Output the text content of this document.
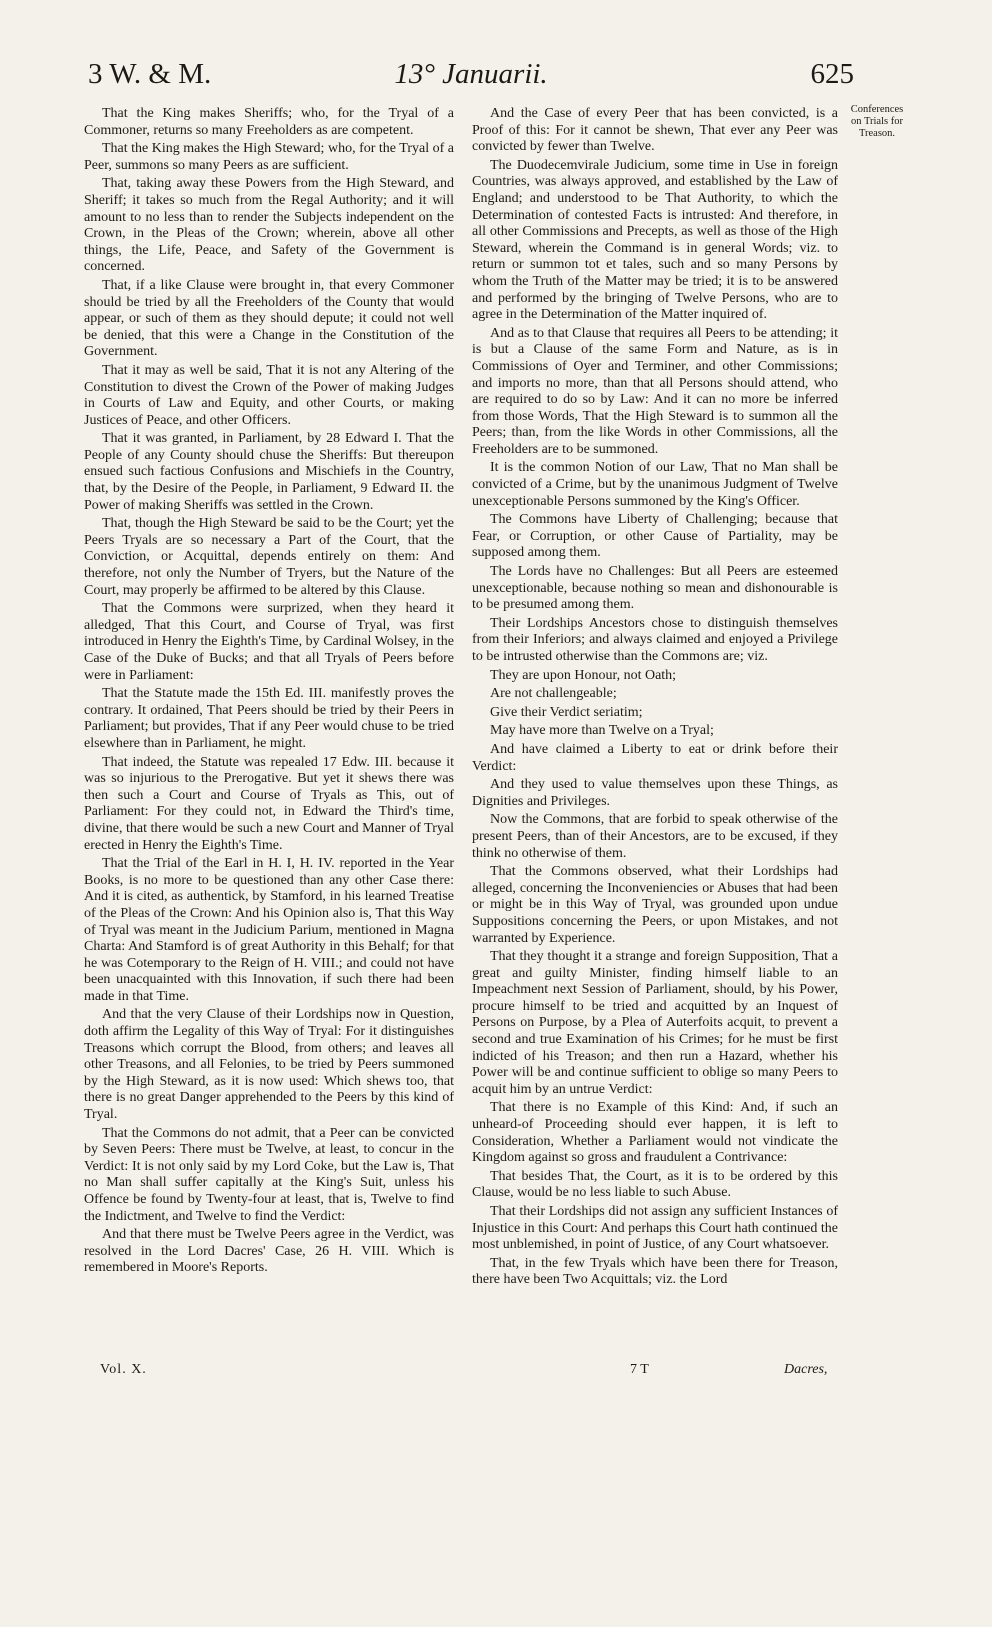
3 W. & M.	13° Januarii.	625

That the King makes Sheriffs; who, for the Tryal of a Commoner, returns so many Freeholders as are competent.

That the King makes the High Steward; who, for the Tryal of a Peer, summons so many Peers as are sufficient.

That, taking away these Powers from the High Steward, and Sheriff; it takes so much from the Regal Authority; and it will amount to no less than to render the Subjects independent on the Crown, in the Pleas of the Crown; wherein, above all other things, the Life, Peace, and Safety of the Government is concerned.

That, if a like Clause were brought in, that every Commoner should be tried by all the Freeholders of the County that would appear, or such of them as they should depute; it could not well be denied, that this were a Change in the Constitution of the Government.

That it may as well be said, That it is not any Altering of the Constitution to divest the Crown of the Power of making Judges in Courts of Law and Equity, and other Courts, or making Justices of Peace, and other Officers.

That it was granted, in Parliament, by 28 Edward I. That the People of any County should chuse the Sheriffs: But thereupon ensued such factious Confusions and Mischiefs in the Country, that, by the Desire of the People, in Parliament, 9 Edward II. the Power of making Sheriffs was settled in the Crown.

That, though the High Steward be said to be the Court; yet the Peers Tryals are so necessary a Part of the Court, that the Conviction, or Acquittal, depends entirely on them: And therefore, not only the Number of Tryers, but the Nature of the Court, may properly be affirmed to be altered by this Clause.

That the Commons were surprized, when they heard it alledged, That this Court, and Course of Tryal, was first introduced in Henry the Eighth's Time, by Cardinal Wolsey, in the Case of the Duke of Bucks; and that all Tryals of Peers before were in Parliament:

That the Statute made the 15th Ed. III. manifestly proves the contrary. It ordained, That Peers should be tried by their Peers in Parliament; but provides, That if any Peer would chuse to be tried elsewhere than in Parliament, he might.

That indeed, the Statute was repealed 17 Edw. III. because it was so injurious to the Prerogative. But yet it shews there was then such a Court and Course of Tryals as This, out of Parliament: For they could not, in Edward the Third's time, divine, that there would be such a new Court and Manner of Tryal erected in Henry the Eighth's Time.

That the Trial of the Earl in H. I, H. IV. reported in the Year Books, is no more to be questioned than any other Case there: And it is cited, as authentick, by Stamford, in his learned Treatise of the Pleas of the Crown: And his Opinion also is, That this Way of Tryal was meant in the Judicium Parium, mentioned in Magna Charta: And Stamford is of great Authority in this Behalf; for that he was Cotemporary to the Reign of H. VIII.; and could not have been unacquainted with this Innovation, if such there had been made in that Time.

And that the very Clause of their Lordships now in Question, doth affirm the Legality of this Way of Tryal: For it distinguishes Treasons which corrupt the Blood, from others; and leaves all other Treasons, and all Felonies, to be tried by Peers summoned by the High Steward, as it is now used: Which shews too, that there is no great Danger apprehended to the Peers by this kind of Tryal.

That the Commons do not admit, that a Peer can be convicted by Seven Peers: There must be Twelve, at least, to concur in the Verdict: It is not only said by my Lord Coke, but the Law is, That no Man shall suffer capitally at the King's Suit, unless his Offence be found by Twenty-four at least, that is, Twelve to find the Indictment, and Twelve to find the Verdict:

And that there must be Twelve Peers agree in the Verdict, was resolved in the Lord Dacres' Case, 26 H. VIII. Which is remembered in Moore's Reports.

And the Case of every Peer that has been convicted, is a Proof of this: For it cannot be shewn, That ever any Peer was convicted by fewer than Twelve.

The Duodecemvirale Judicium, some time in Use in foreign Countries, was always approved, and established by the Law of England; and understood to be That Authority, to which the Determination of contested Facts is intrusted: And therefore, in all other Commissions and Precepts, as well as those of the High Steward, wherein the Command is in general Words; viz. to return or summon tot et tales, such and so many Persons by whom the Truth of the Matter may be tried; it is to be answered and performed by the bringing of Twelve Persons, who are to agree in the Determination of the Matter inquired of.

And as to that Clause that requires all Peers to be attending; it is but a Clause of the same Form and Nature, as is in Commissions of Oyer and Terminer, and other Commissions; and imports no more, than that all Persons should attend, who are required to do so by Law: And it can no more be inferred from those Words, That the High Steward is to summon all the Peers; than, from the like Words in other Commissions, all the Freeholders are to be summoned.

It is the common Notion of our Law, That no Man shall be convicted of a Crime, but by the unanimous Judgment of Twelve unexceptionable Persons summoned by the King's Officer.

The Commons have Liberty of Challenging; because that Fear, or Corruption, or other Cause of Partiality, may be supposed among them.

The Lords have no Challenges: But all Peers are esteemed unexceptionable, because nothing so mean and dishonourable is to be presumed among them.

Their Lordships Ancestors chose to distinguish themselves from their Inferiors; and always claimed and enjoyed a Privilege to be intrusted otherwise than the Commons are; viz.

They are upon Honour, not Oath;

Are not challengeable;

Give their Verdict seriatim;

May have more than Twelve on a Tryal;

And have claimed a Liberty to eat or drink before their Verdict:

And they used to value themselves upon these Things, as Dignities and Privileges.

Now the Commons, that are forbid to speak otherwise of the present Peers, than of their Ancestors, are to be excused, if they think no otherwise of them.

That the Commons observed, what their Lordships had alleged, concerning the Inconveniencies or Abuses that had been or might be in this Way of Tryal, was grounded upon undue Suppositions concerning the Peers, or upon Mistakes, and not warranted by Experience.

That they thought it a strange and foreign Supposition, That a great and guilty Minister, finding himself liable to an Impeachment next Session of Parliament, should, by his Power, procure himself to be tried and acquitted by an Inquest of Persons on Purpose, by a Plea of Auterfoits acquit, to prevent a second and true Examination of his Crimes; for he must be first indicted of his Treason; and then run a Hazard, whether his Power will be and continue sufficient to oblige so many Peers to acquit him by an untrue Verdict:

That there is no Example of this Kind: And, if such an unheard-of Proceeding should ever happen, it is left to Consideration, Whether a Parliament would not vindicate the Kingdom against so gross and fraudulent a Contrivance:

That besides That, the Court, as it is to be ordered by this Clause, would be no less liable to such Abuse.

That their Lordships did not assign any sufficient Instances of Injustice in this Court: And perhaps this Court hath continued the most unblemished, in point of Justice, of any Court whatsoever.

That, in the few Tryals which have been there for Treason, there have been Two Acquittals; viz. the Lord

Conferences on Trials for Treason.
Vol. X.	7 T	Dacres,
